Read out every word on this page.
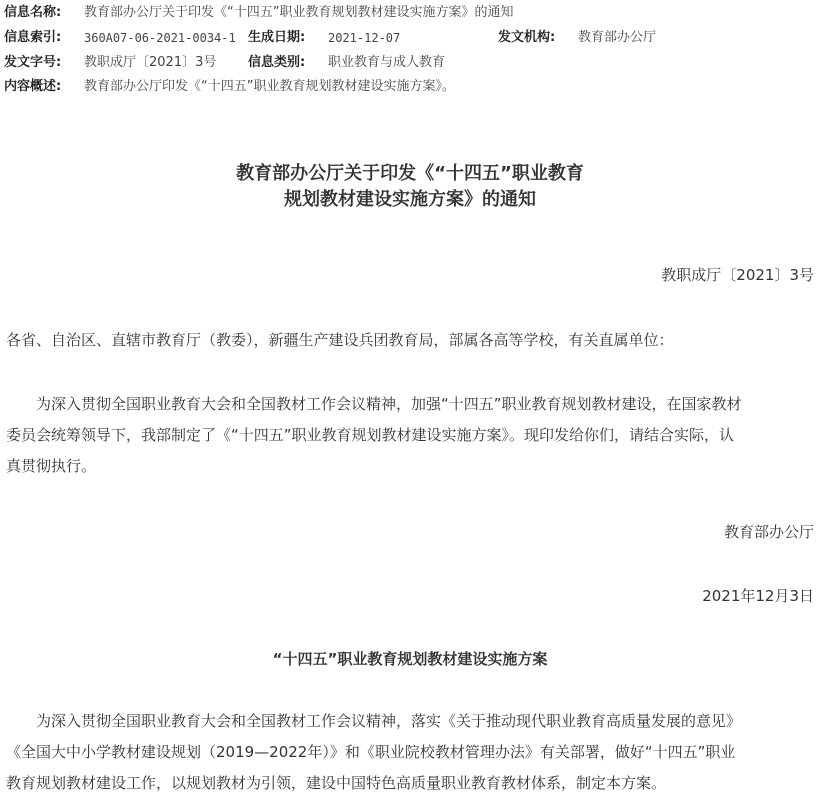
信息名称: 教育部办公厅关于印发《“十四五”职业教育规划教材建设实施方案》的通知
信息索引: 360A07-06-2021-0034-1 生成日期: 2021-12-07	发文机构: 教育部办公厅
发文字号: 教职成厅〔2021〕3号 信息类别: 职业教育与成人教育
内容概述: 教育部办公厅印发《“十四五”职业教育规划教材建设实施方案》。
教育部办公厅关于印发《“十四五”职业教育
规划教材建设实施方案》的通知
教职成厅〔2021〕3号
各省、自治区、直辖市教育厅（教委），新疆生产建设兵团教育局，部属各高等学校，有关直属单位：
　　为深入贯彻全国职业教育大会和全国教材工作会议精神，加强“十四五”职业教育规划教材建设，在国家教材
委员会统筹领导下，我部制定了《“十四五”职业教育规划教材建设实施方案》。现印发给你们，请结合实际，认
真贯彻执行。
教育部办公厅
2021年12月3日
“十四五”职业教育规划教材建设实施方案
　　为深入贯彻全国职业教育大会和全国教材工作会议精神，落实《关于推动现代职业教育高质量发展的意见》
《全国大中小学教材建设规划（2019—2022年）》和《职业院校教材管理办法》有关部署，做好“十四五”职业
教育规划教材建设工作，以规划教材为引领，建设中国特色高质量职业教育教材体系，制定本方案。
